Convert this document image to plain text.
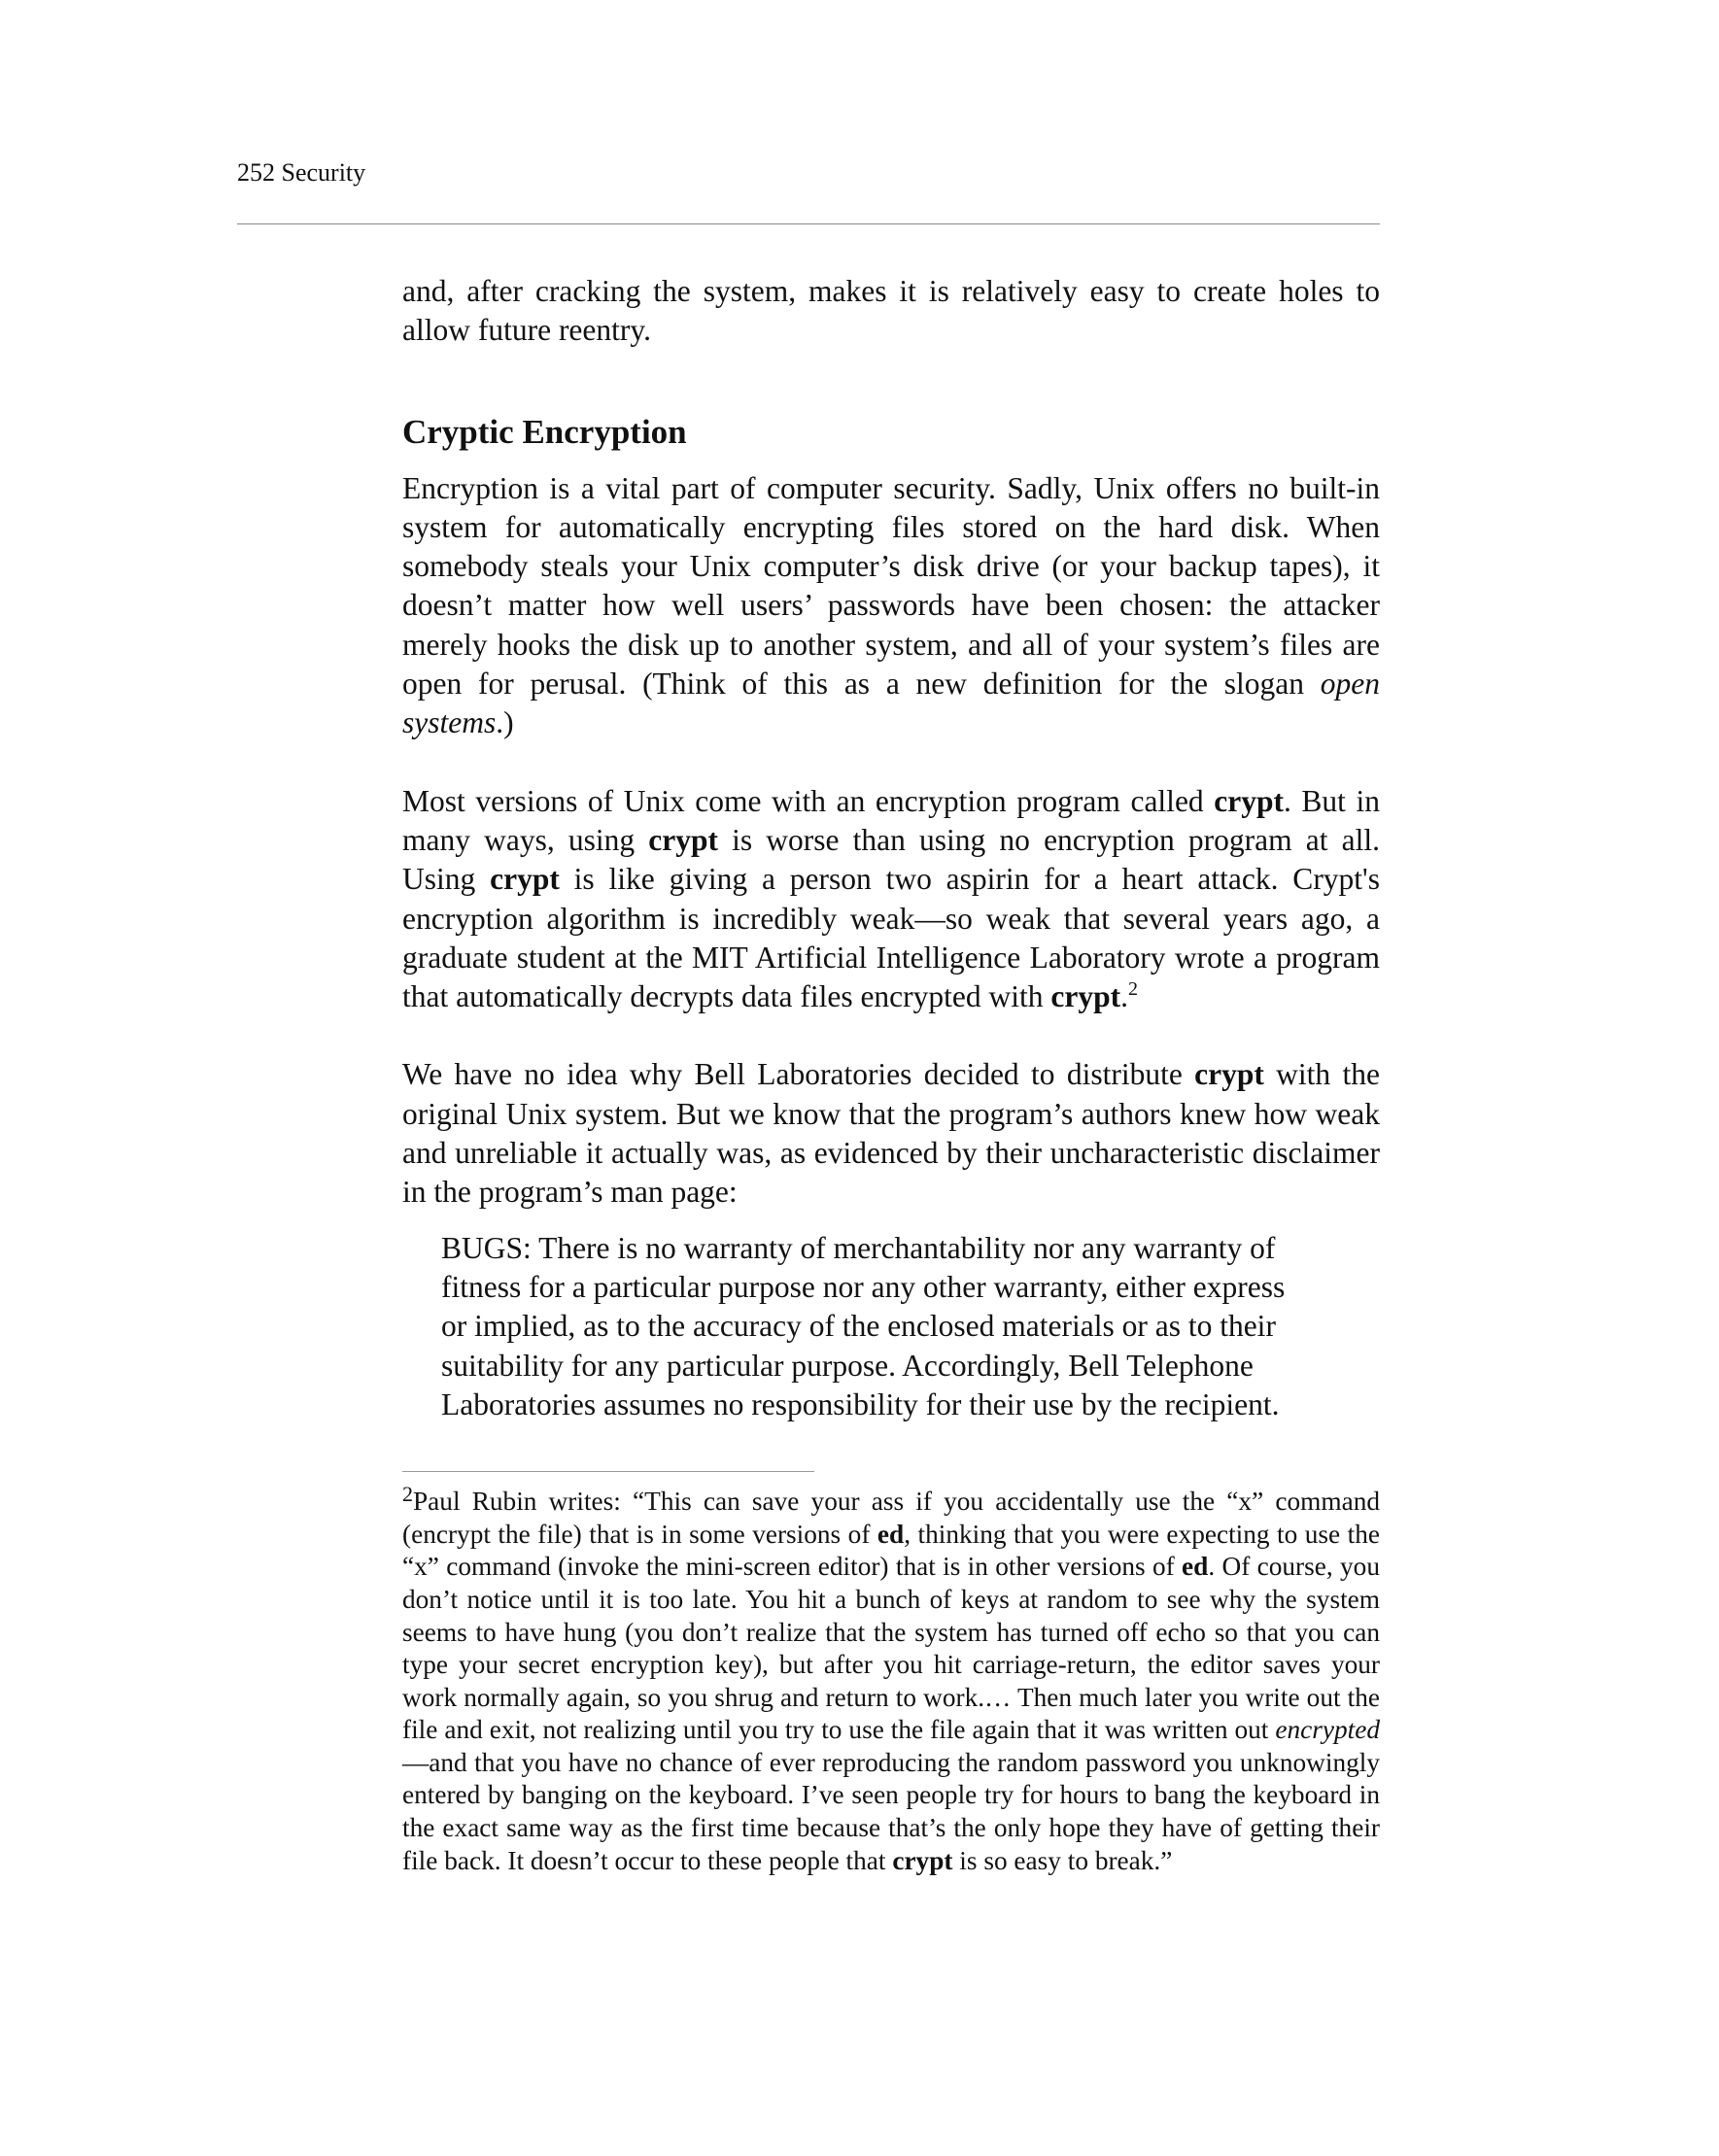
252 Security

and, after cracking the system, makes it is relatively easy to create holes to allow future reentry.

Cryptic Encryption

Encryption is a vital part of computer security. Sadly, Unix offers no built-in system for automatically encrypting files stored on the hard disk. When somebody steals your Unix computer’s disk drive (or your backup tapes), it doesn’t matter how well users’ passwords have been chosen: the attacker merely hooks the disk up to another system, and all of your system’s files are open for perusal. (Think of this as a new definition for the slogan open systems.)

Most versions of Unix come with an encryption program called crypt. But in many ways, using crypt is worse than using no encryption program at all. Using crypt is like giving a person two aspirin for a heart attack. Crypt's encryption algorithm is incredibly weak—so weak that several years ago, a graduate student at the MIT Artificial Intelligence Laboratory wrote a program that automatically decrypts data files encrypted with crypt.$^2$

We have no idea why Bell Laboratories decided to distribute crypt with the original Unix system. But we know that the program’s authors knew how weak and unreliable it actually was, as evidenced by their uncharacteristic disclaimer in the program’s man page:

BUGS: There is no warranty of merchantability nor any warranty of
fitness for a particular purpose nor any other warranty, either express
or implied, as to the accuracy of the enclosed materials or as to their
suitability for any particular purpose. Accordingly, Bell Telephone
Laboratories assumes no responsibility for their use by the recipient.

$^2$Paul Rubin writes: “This can save your ass if you accidentally use the “x” command (encrypt the file) that is in some versions of ed, thinking that you were expecting to use the “x” command (invoke the mini-screen editor) that is in other versions of ed. Of course, you don’t notice until it is too late. You hit a bunch of keys at random to see why the system seems to have hung (you don’t realize that the system has turned off echo so that you can type your secret encryption key), but after you hit carriage-return, the editor saves your work normally again, so you shrug and return to work.… Then much later you write out the file and exit, not realizing until you try to use the file again that it was written out encrypted—and that you have no chance of ever reproducing the random password you unknowingly entered by banging on the keyboard. I’ve seen people try for hours to bang the keyboard in the exact same way as the first time because that’s the only hope they have of getting their file back. It doesn’t occur to these people that crypt is so easy to break.”
